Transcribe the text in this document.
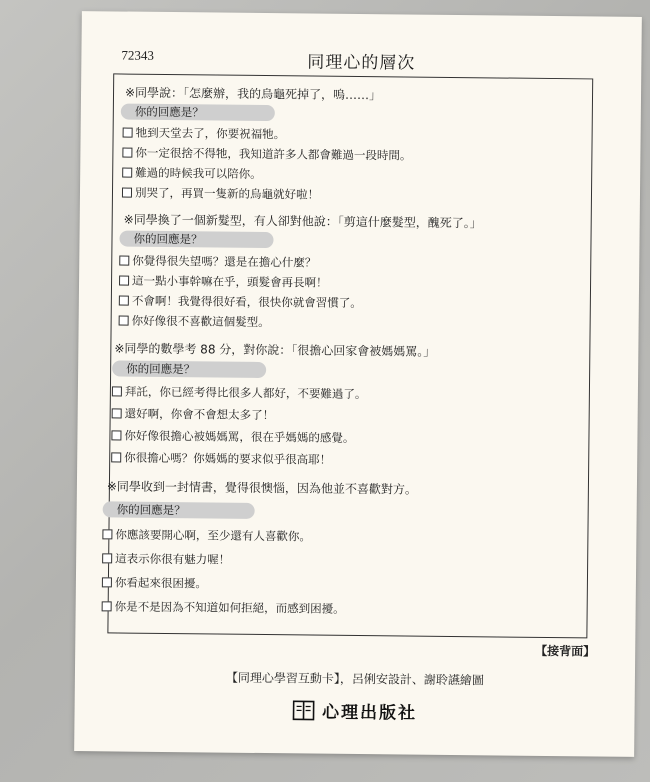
72343	同理心的層次
※同學說：「怎麼辦，我的烏龜死掉了，嗚……」
你的回應是？
牠到天堂去了，你要祝福牠。
你一定很捨不得牠，我知道許多人都會難過一段時間。
難過的時候我可以陪你。
別哭了，再買一隻新的烏龜就好啦！
※同學換了一個新髮型，有人卻對他說：「剪這什麼髮型，醜死了。」
你的回應是？
你覺得很失望嗎？還是在擔心什麼？
這一點小事幹嘛在乎，頭髮會再長啊！
不會啊！我覺得很好看，很快你就會習慣了。
你好像很不喜歡這個髮型。
※同學的數學考 88 分，對你說：「很擔心回家會被媽媽罵。」
你的回應是？
拜託，你已經考得比很多人都好，不要難過了。
還好啊，你會不會想太多了！
你好像很擔心被媽媽罵，很在乎媽媽的感覺。
你很擔心嗎？你媽媽的要求似乎很高耶！
※同學收到一封情書，覺得很懊惱，因為他並不喜歡對方。
你的回應是？
你應該要開心啊，至少還有人喜歡你。
這表示你很有魅力喔！
你看起來很困擾。
你是不是因為不知道如何拒絕，而感到困擾。
【接背面】
【同理心學習互動卡】，呂俐安設計、謝聆讌繪圖
心理出版社
